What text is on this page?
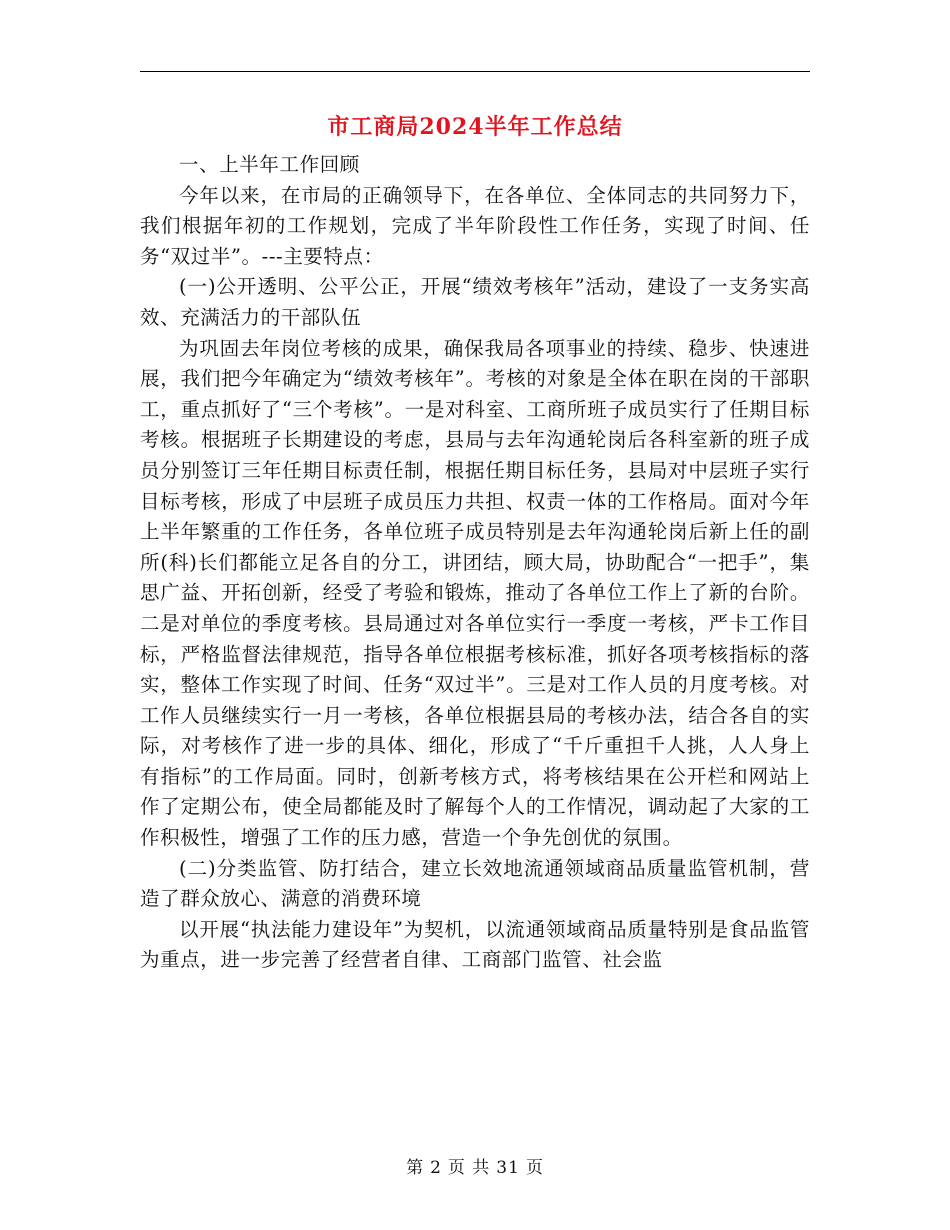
市工商局2024半年工作总结

一、上半年工作回顾

今年以来，在市局的正确领导下，在各单位、全体同志的共同努力下，我们根据年初的工作规划，完成了半年阶段性工作任务，实现了时间、任务“双过半”。---主要特点：

(一)公开透明、公平公正，开展“绩效考核年”活动，建设了一支务实高效、充满活力的干部队伍

为巩固去年岗位考核的成果，确保我局各项事业的持续、稳步、快速进展，我们把今年确定为“绩效考核年”。考核的对象是全体在职在岗的干部职工，重点抓好了“三个考核”。一是对科室、工商所班子成员实行了任期目标考核。根据班子长期建设的考虑，县局与去年沟通轮岗后各科室新的班子成员分别签订三年任期目标责任制，根据任期目标任务，县局对中层班子实行目标考核，形成了中层班子成员压力共担、权责一体的工作格局。面对今年上半年繁重的工作任务，各单位班子成员特别是去年沟通轮岗后新上任的副所(科)长们都能立足各自的分工，讲团结，顾大局，协助配合“一把手”，集思广益、开拓创新，经受了考验和锻炼，推动了各单位工作上了新的台阶。二是对单位的季度考核。县局通过对各单位实行一季度一考核，严卡工作目标，严格监督法律规范，指导各单位根据考核标准，抓好各项考核指标的落实，整体工作实现了时间、任务“双过半”。三是对工作人员的月度考核。对工作人员继续实行一月一考核，各单位根据县局的考核办法，结合各自的实际，对考核作了进一步的具体、细化，形成了“千斤重担千人挑，人人身上有指标”的工作局面。同时，创新考核方式，将考核结果在公开栏和网站上作了定期公布，使全局都能及时了解每个人的工作情况，调动起了大家的工作积极性，增强了工作的压力感，营造一个争先创优的氛围。

(二)分类监管、防打结合，建立长效地流通领域商品质量监管机制，营造了群众放心、满意的消费环境

以开展“执法能力建设年”为契机，以流通领域商品质量特别是食品监管为重点，进一步完善了经营者自律、工商部门监管、社会监

第 2 页 共 31 页
